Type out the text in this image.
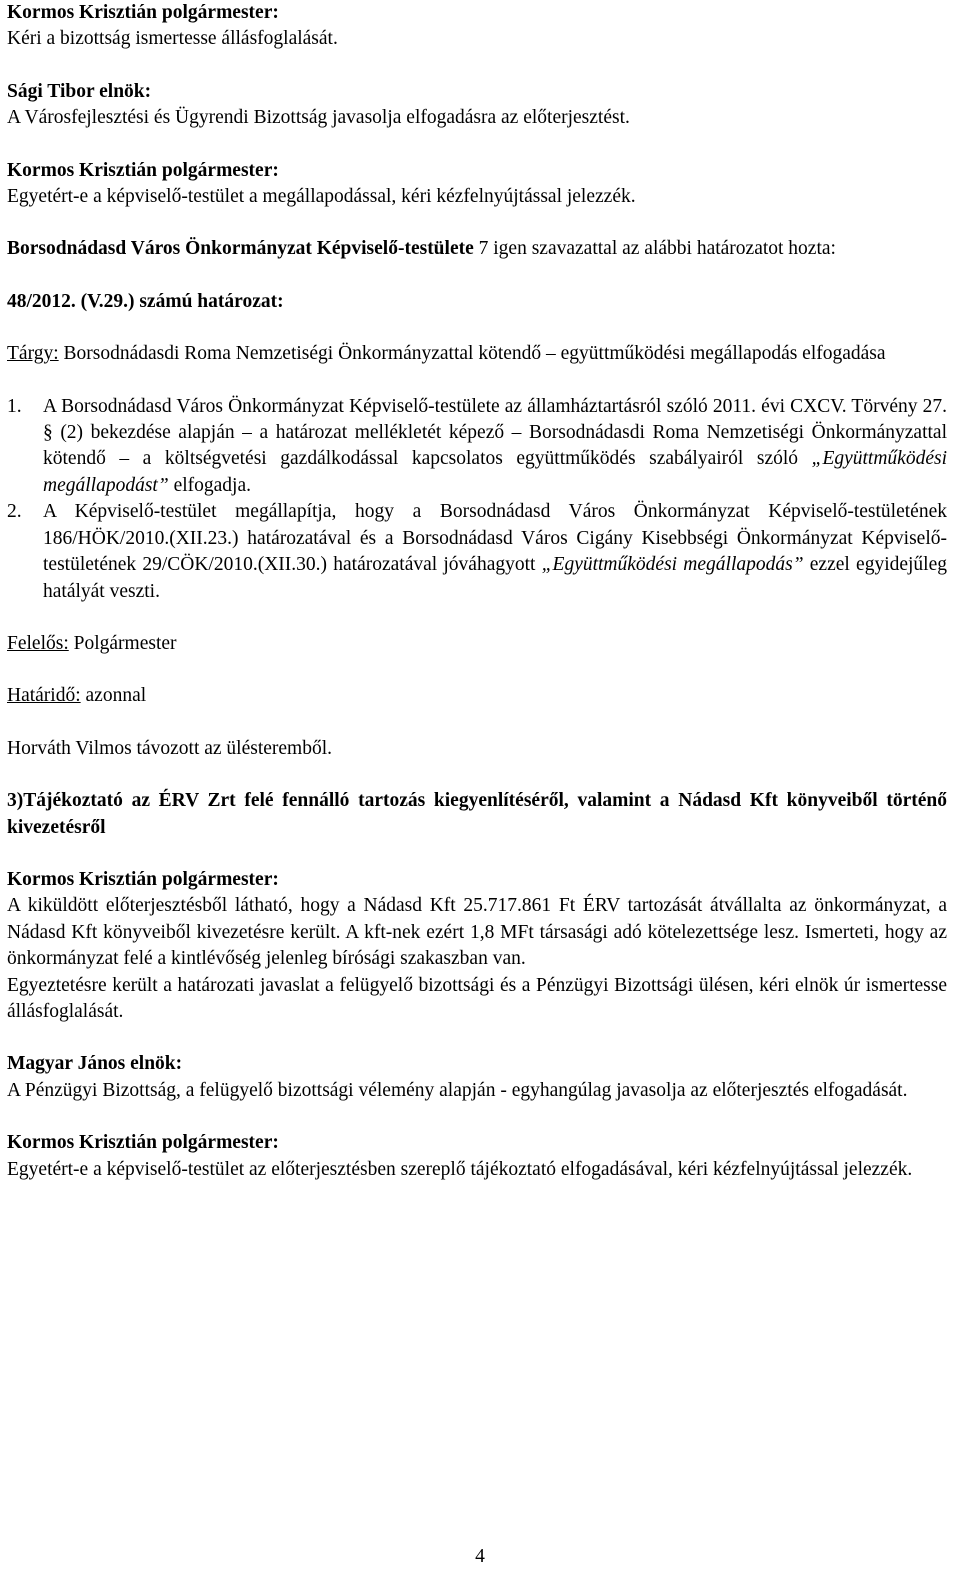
Kormos Krisztián polgármester:

Kéri a bizottság ismertesse állásfoglalását.

Sági Tibor elnök:

A Városfejlesztési és Ügyrendi Bizottság javasolja elfogadásra az előterjesztést.

Kormos Krisztián polgármester:

Egyetért-e a képviselő-testület a megállapodással, kéri kézfelnyújtással jelezzék.

Borsodnádasd Város Önkormányzat Képviselő-testülete 7 igen szavazattal az alábbi határozatot hozta:

48/2012. (V.29.) számú határozat:

Tárgy: Borsodnádasdi Roma Nemzetiségi Önkormányzattal kötendő – együttműködési megállapodás elfogadása

1. A Borsodnádasd Város Önkormányzat Képviselő-testülete az államháztartásról szóló 2011. évi CXCV. Törvény 27. § (2) bekezdése alapján – a határozat mellékletét képező – Borsodnádasdi Roma Nemzetiségi Önkormányzattal kötendő – a költségvetési gazdálkodással kapcsolatos együttműködés szabályairól szóló „Együttműködési megállapodást” elfogadja.
2. A Képviselő-testület megállapítja, hogy a Borsodnádasd Város Önkormányzat Képviselő-testületének 186/HÖK/2010.(XII.23.) határozatával és a Borsodnádasd Város Cigány Kisebbségi Önkormányzat Képviselő-testületének 29/CÖK/2010.(XII.30.) határozatával jóváhagyott „Együttműködési megállapodás” ezzel egyidejűleg hatályát veszti.

Felelős: Polgármester

Határidő: azonnal

Horváth Vilmos távozott az ülésteremből.

3)Tájékoztató az ÉRV Zrt felé fennálló tartozás kiegyenlítéséről, valamint a Nádasd Kft könyveiből történő kivezetésről

Kormos Krisztián polgármester:

A kiküldött előterjesztésből látható, hogy a Nádasd Kft 25.717.861 Ft ÉRV tartozását átvállalta az önkormányzat, a Nádasd Kft könyveiből kivezetésre került. A kft-nek ezért 1,8 MFt társasági adó kötelezettsége lesz. Ismerteti, hogy az önkormányzat felé a kintlévőség jelenleg bírósági szakaszban van.

Egyeztetésre került a határozati javaslat a felügyelő bizottsági és a Pénzügyi Bizottsági ülésen, kéri elnök úr ismertesse állásfoglalását.

Magyar János elnök:

A Pénzügyi Bizottság, a felügyelő bizottsági vélemény alapján - egyhangúlag javasolja az előterjesztés elfogadását.

Kormos Krisztián polgármester:

Egyetért-e a képviselő-testület az előterjesztésben szereplő tájékoztató elfogadásával, kéri kézfelnyújtással jelezzék.

4
